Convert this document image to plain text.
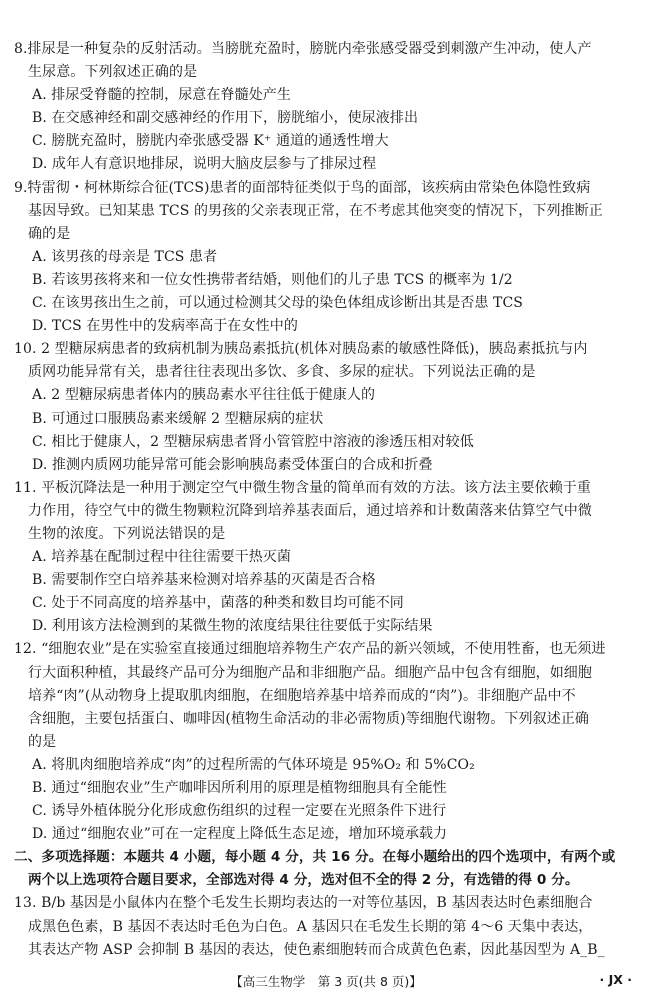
8.排尿是一种复杂的反射活动。当膀胱充盈时，膀胱内牵张感受器受到刺激产生冲动，使人产
生尿意。下列叙述正确的是
A. 排尿受脊髓的控制，尿意在脊髓处产生
B. 在交感神经和副交感神经的作用下，膀胱缩小，使尿液排出
C. 膀胱充盈时，膀胱内牵张感受器 K⁺ 通道的通透性增大
D. 成年人有意识地排尿，说明大脑皮层参与了排尿过程
9.特雷彻・柯林斯综合征(TCS)患者的面部特征类似于鸟的面部，该疾病由常染色体隐性致病
基因导致。已知某患 TCS 的男孩的父亲表现正常，在不考虑其他突变的情况下，下列推断正
确的是
A. 该男孩的母亲是 TCS 患者
B. 若该男孩将来和一位女性携带者结婚，则他们的儿子患 TCS 的概率为 1/2
C. 在该男孩出生之前，可以通过检测其父母的染色体组成诊断出其是否患 TCS
D. TCS 在男性中的发病率高于在女性中的
10. 2 型糖尿病患者的致病机制为胰岛素抵抗(机体对胰岛素的敏感性降低)，胰岛素抵抗与内
质网功能异常有关，患者往往表现出多饮、多食、多尿的症状。下列说法正确的是
A. 2 型糖尿病患者体内的胰岛素水平往往低于健康人的
B. 可通过口服胰岛素来缓解 2 型糖尿病的症状
C. 相比于健康人，2 型糖尿病患者肾小管管腔中溶液的渗透压相对较低
D. 推测内质网功能异常可能会影响胰岛素受体蛋白的合成和折叠
11. 平板沉降法是一种用于测定空气中微生物含量的简单而有效的方法。该方法主要依赖于重
力作用，待空气中的微生物颗粒沉降到培养基表面后，通过培养和计数菌落来估算空气中微
生物的浓度。下列说法错误的是
A. 培养基在配制过程中往往需要干热灭菌
B. 需要制作空白培养基来检测对培养基的灭菌是否合格
C. 处于不同高度的培养基中，菌落的种类和数目均可能不同
D. 利用该方法检测到的某微生物的浓度结果往往要低于实际结果
12. “细胞农业”是在实验室直接通过细胞培养物生产农产品的新兴领域，不使用牲畜，也无须进
行大面积种植，其最终产品可分为细胞产品和非细胞产品。细胞产品中包含有细胞，如细胞
培养“肉”(从动物身上提取肌肉细胞，在细胞培养基中培养而成的“肉”)。非细胞产品中不
含细胞，主要包括蛋白、咖啡因(植物生命活动的非必需物质)等细胞代谢物。下列叙述正确
的是
A. 将肌肉细胞培养成“肉”的过程所需的气体环境是 95%O₂ 和 5%CO₂
B. 通过“细胞农业”生产咖啡因所利用的原理是植物细胞具有全能性
C. 诱导外植体脱分化形成愈伤组织的过程一定要在光照条件下进行
D. 通过“细胞农业”可在一定程度上降低生态足迹，增加环境承载力
二、多项选择题：本题共 4 小题，每小题 4 分，共 16 分。在每小题给出的四个选项中，有两个或
两个以上选项符合题目要求，全部选对得 4 分，选对但不全的得 2 分，有选错的得 0 分。
13. B/b 基因是小鼠体内在整个毛发生长期均表达的一对等位基因，B 基因表达时色素细胞合
成黑色色素，B 基因不表达时毛色为白色。A 基因只在毛发生长期的第 4～6 天集中表达，
其表达产物 ASP 会抑制 B 基因的表达，使色素细胞转而合成黄色色素，因此基因型为 A_B_
【高三生物学　第 3 页(共 8 页)】	· JX ·
